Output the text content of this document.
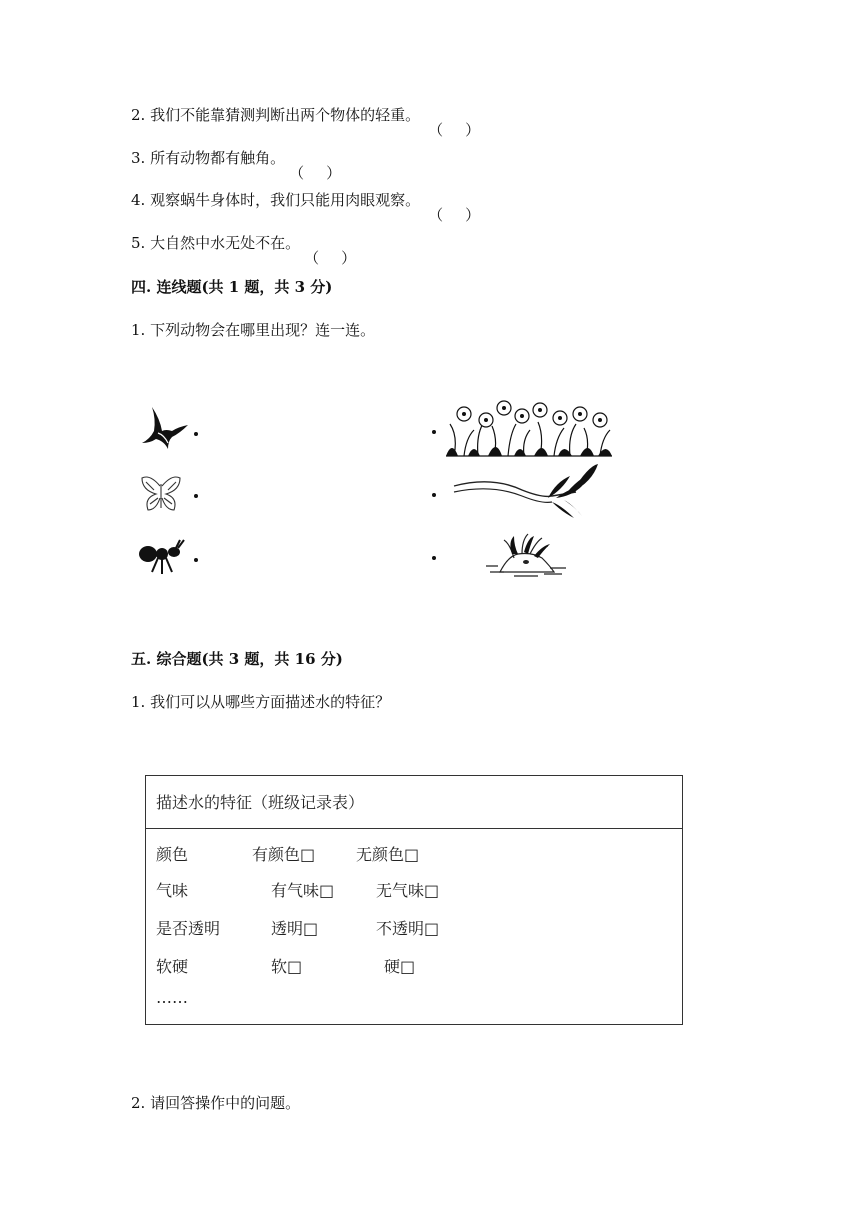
2. 我们不能靠猜测判断出两个物体的轻重。
3. 所有动物都有触角。
4. 观察蜗牛身体时，我们只能用肉眼观察。
5. 大自然中水无处不在。
四. 连线题(共 1 题，共 3 分)
1. 下列动物会在哪里出现？连一连。
五. 综合题(共 3 题，共 16 分)
1. 我们可以从哪些方面描述水的特征？
描述水的特征（班级记录表）
颜色	有颜色□	无颜色□
气味	有气味□	无气味□
是否透明	透明□	不透明□
软硬	软□	硬□
……
2. 请回答操作中的问题。
